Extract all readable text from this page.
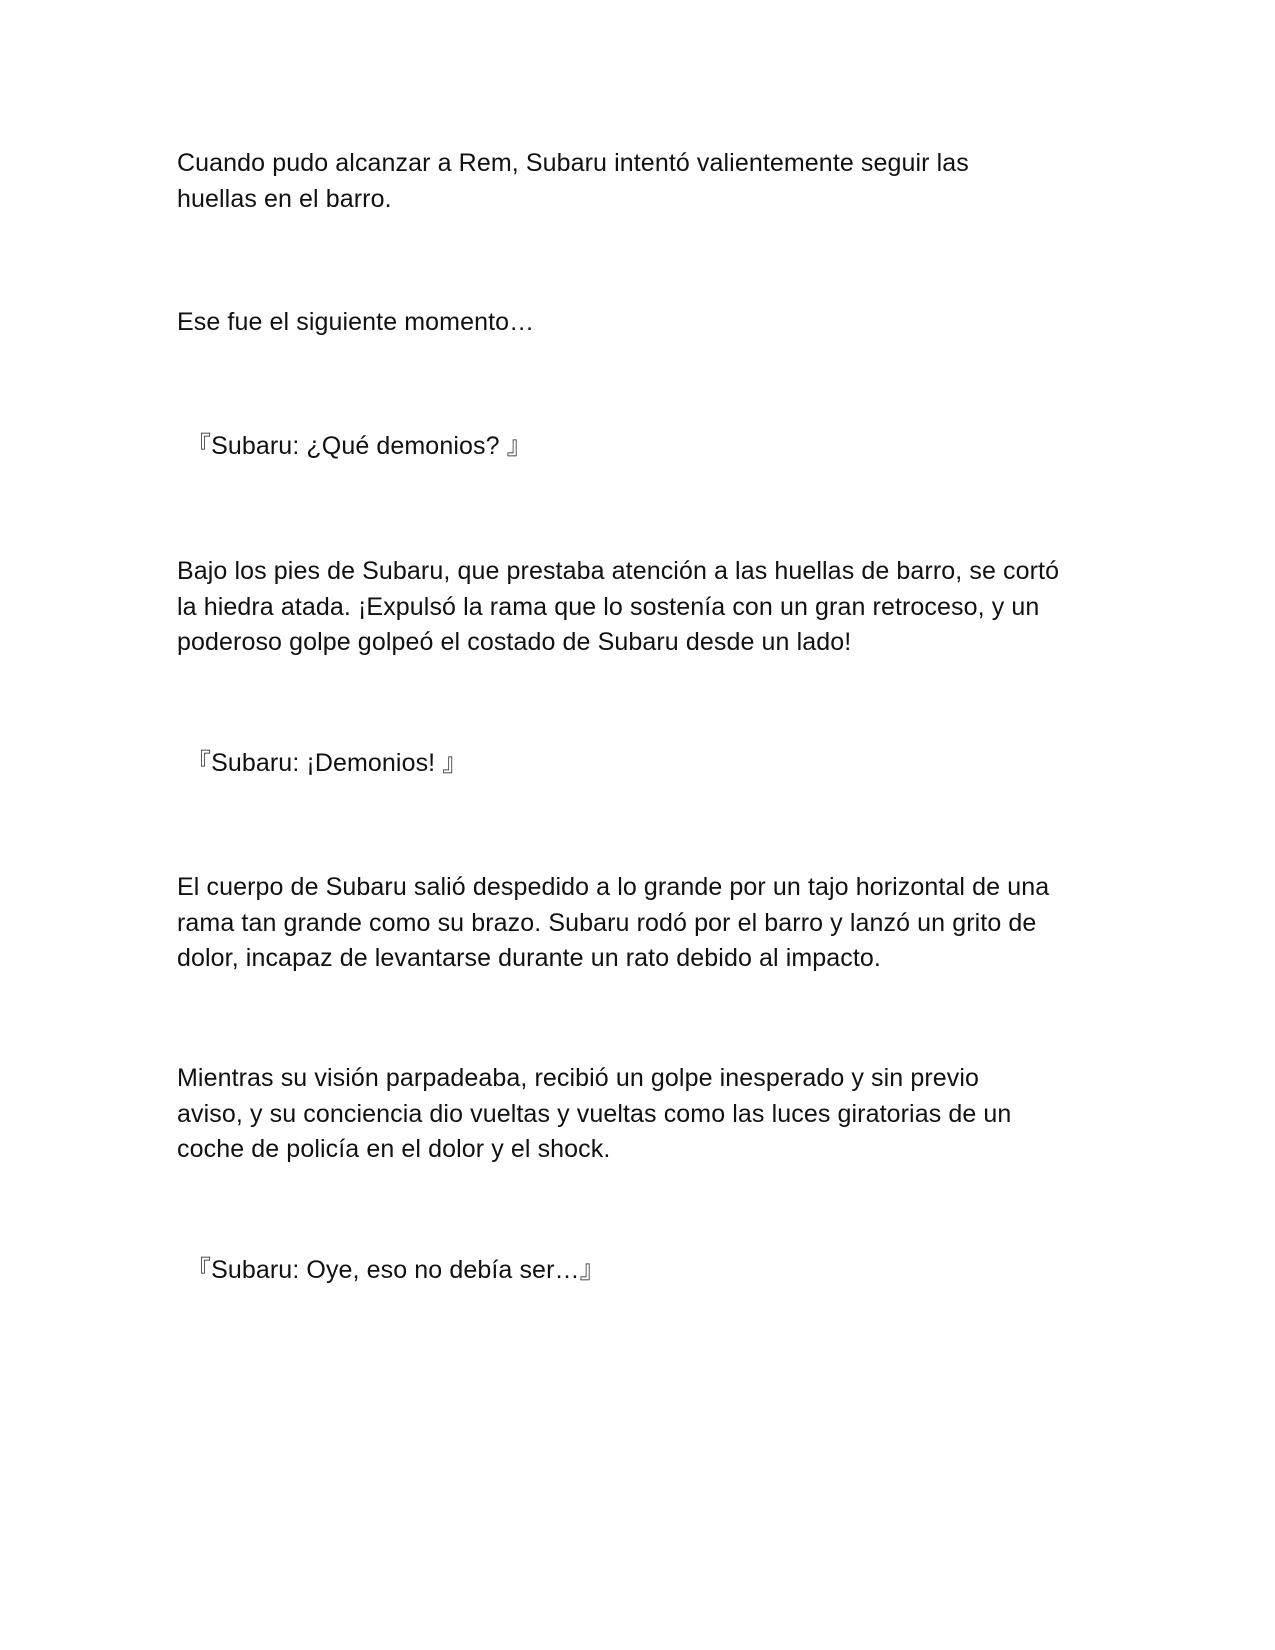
Cuando pudo alcanzar a Rem, Subaru intentó valientemente seguir las
huellas en el barro.

Ese fue el siguiente momento…

『Subaru: ¿Qué demonios? 』

Bajo los pies de Subaru, que prestaba atención a las huellas de barro, se cortó
la hiedra atada. ¡Expulsó la rama que lo sostenía con un gran retroceso, y un
poderoso golpe golpeó el costado de Subaru desde un lado!

『Subaru: ¡Demonios! 』

El cuerpo de Subaru salió despedido a lo grande por un tajo horizontal de una
rama tan grande como su brazo. Subaru rodó por el barro y lanzó un grito de
dolor, incapaz de levantarse durante un rato debido al impacto.

Mientras su visión parpadeaba, recibió un golpe inesperado y sin previo
aviso, y su conciencia dio vueltas y vueltas como las luces giratorias de un
coche de policía en el dolor y el shock.

『Subaru: Oye, eso no debía ser…』
